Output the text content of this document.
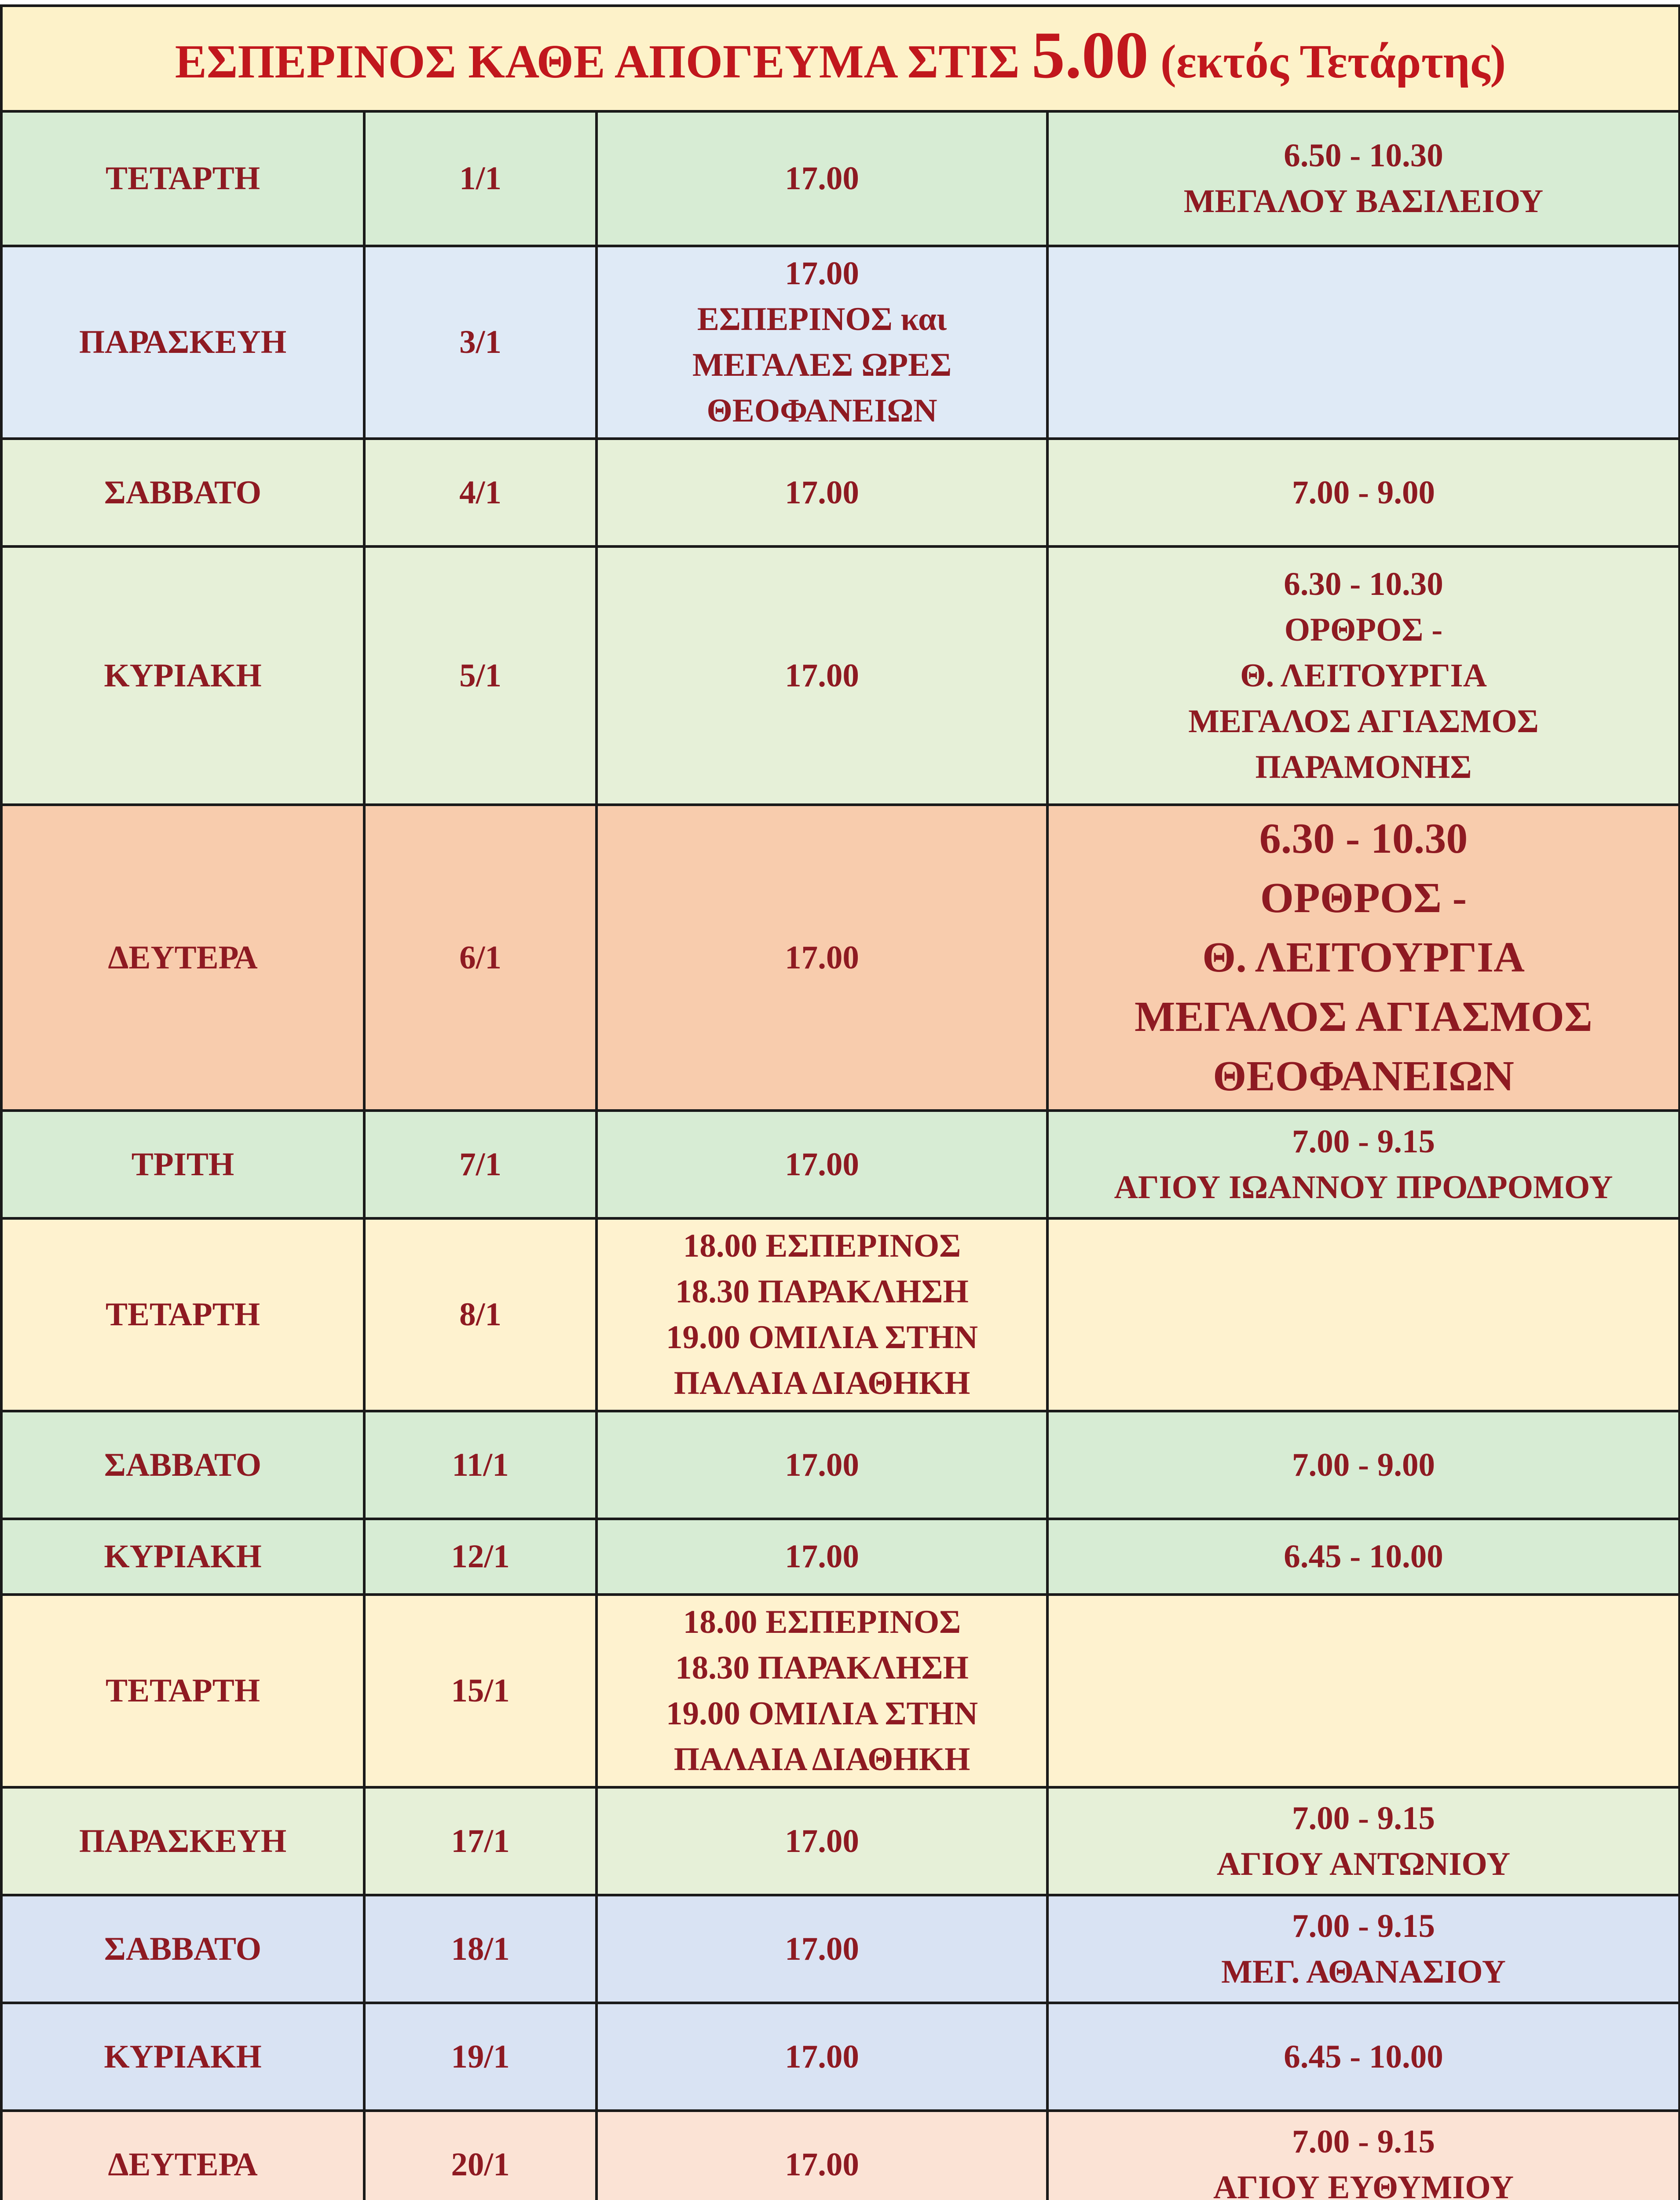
ΕΣΠΕΡΙΝΟΣ ΚΑΘΕ ΑΠΟΓΕΥΜΑ ΣΤΙΣ 5.00 (εκτός Τετάρτης)			
ΤΕΤΑΡΤΗ	1/1	17.00	6.50 - 10.30
ΜΕΓΑΛΟΥ ΒΑΣΙΛΕΙΟΥ
ΠΑΡΑΣΚΕΥΗ	3/1	17.00
ΕΣΠΕΡΙΝΟΣ και
ΜΕΓΑΛΕΣ ΩΡΕΣ
ΘΕΟΦΑΝΕΙΩΝ	
ΣΑΒΒΑΤΟ	4/1	17.00	7.00 - 9.00
ΚΥΡΙΑΚΗ	5/1	17.00	6.30 - 10.30
ΟΡΘΡΟΣ -
Θ. ΛΕΙΤΟΥΡΓΙΑ
ΜΕΓΑΛΟΣ ΑΓΙΑΣΜΟΣ
ΠΑΡΑΜΟΝΗΣ
ΔΕΥΤΕΡΑ	6/1	17.00	6.30 - 10.30
ΟΡΘΡΟΣ -
Θ. ΛΕΙΤΟΥΡΓΙΑ
ΜΕΓΑΛΟΣ ΑΓΙΑΣΜΟΣ
ΘΕΟΦΑΝΕΙΩΝ
ΤΡΙΤΗ	7/1	17.00	7.00 - 9.15
ΑΓΙΟΥ ΙΩΑΝΝΟΥ ΠΡΟΔΡΟΜΟΥ
ΤΕΤΑΡΤΗ	8/1	18.00 ΕΣΠΕΡΙΝΟΣ
18.30 ΠΑΡΑΚΛΗΣΗ
19.00 ΟΜΙΛΙΑ ΣΤΗΝ
ΠΑΛΑΙΑ ΔΙΑΘΗΚΗ	
ΣΑΒΒΑΤΟ	11/1	17.00	7.00 - 9.00
ΚΥΡΙΑΚΗ	12/1	17.00	6.45 - 10.00
ΤΕΤΑΡΤΗ	15/1	18.00 ΕΣΠΕΡΙΝΟΣ
18.30 ΠΑΡΑΚΛΗΣΗ
19.00 ΟΜΙΛΙΑ ΣΤΗΝ
ΠΑΛΑΙΑ ΔΙΑΘΗΚΗ	
ΠΑΡΑΣΚΕΥΗ	17/1	17.00	7.00 - 9.15
ΑΓΙΟΥ ΑΝΤΩΝΙΟΥ
ΣΑΒΒΑΤΟ	18/1	17.00	7.00 - 9.15
ΜΕΓ. ΑΘΑΝΑΣΙΟΥ
ΚΥΡΙΑΚΗ	19/1	17.00	6.45 - 10.00
ΔΕΥΤΕΡΑ	20/1	17.00	7.00 - 9.15
ΑΓΙΟΥ ΕΥΘΥΜΙΟΥ
